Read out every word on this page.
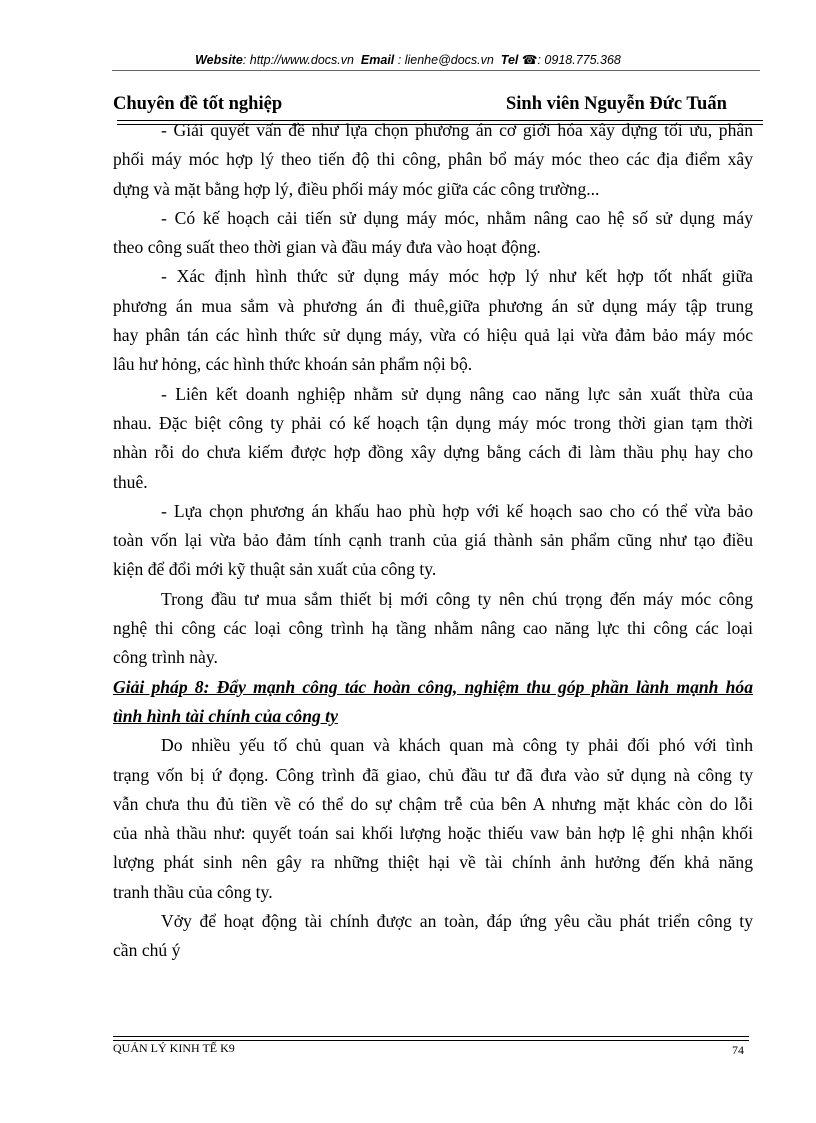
Website: http://www.docs.vn Email : lienhe@docs.vn Tel ☎: 0918.775.368
Chuyên đề tốt nghiệp	Sinh viên Nguyễn Đức Tuấn
- Giải quyết vấn đề như lựa chọn phương án cơ giới hóa xây dựng tối ưu, phân
phối máy móc hợp lý theo tiến độ thi công, phân bổ máy móc theo các địa điểm xây
dựng và mặt bằng hợp lý, điều phối máy móc giữa các công trường...
- Có kế hoạch cải tiến sử dụng máy móc, nhằm nâng cao hệ số sử dụng máy
theo công suất theo thời gian và đầu máy đưa vào hoạt động.
- Xác định hình thức sử dụng máy móc hợp lý như kết hợp tốt nhất giữa
phương án mua sắm và phương án đi thuê,giữa phương án sử dụng máy tập trung
hay phân tán các hình thức sử dụng máy, vừa có hiệu quả lại vừa đảm bảo máy móc
lâu hư hỏng, các hình thức khoán sản phẩm nội bộ.
- Liên kết doanh nghiệp nhằm sử dụng nâng cao năng lực sản xuất thừa của
nhau. Đặc biệt công ty phải có kế hoạch tận dụng máy móc trong thời gian tạm thời
nhàn rỗi do chưa kiếm được hợp đồng xây dựng bằng cách đi làm thầu phụ hay cho
thuê.
- Lựa chọn phương án khấu hao phù hợp với kế hoạch sao cho có thể vừa bảo
toàn vốn lại vừa bảo đảm tính cạnh tranh của giá thành sản phẩm cũng như tạo điều
kiện để đổi mới kỹ thuật sản xuất của công ty.
Trong đầu tư mua sắm thiết bị mới công ty nên chú trọng đến máy móc công
nghệ thi công các loại công trình hạ tầng nhằm nâng cao năng lực thi công các loại
công trình này.
Giải pháp 8: Đẩy mạnh công tác hoàn công, nghiệm thu góp phần lành mạnh hóa
tình hình tài chính của công ty
Do nhiều yếu tố chủ quan và khách quan mà công ty phải đối phó với tình
trạng vốn bị ứ đọng. Công trình đã giao, chủ đầu tư đã đưa vào sử dụng nà công ty
vẫn chưa thu đủ tiền về có thể do sự chậm trễ của bên A nhưng mặt khác còn do lỗi
của nhà thầu như: quyết toán sai khối lượng hoặc thiếu vaw bản hợp lệ ghi nhận khối
lượng phát sinh nên gây ra những thiệt hại về tài chính ảnh hưởng đến khả năng
tranh thầu của công ty.
Vởy để hoạt động tài chính được an toàn, đáp ứng yêu cầu phát triển công ty
cần chú ý
QUẢN LÝ KINH TẾ K9	74
